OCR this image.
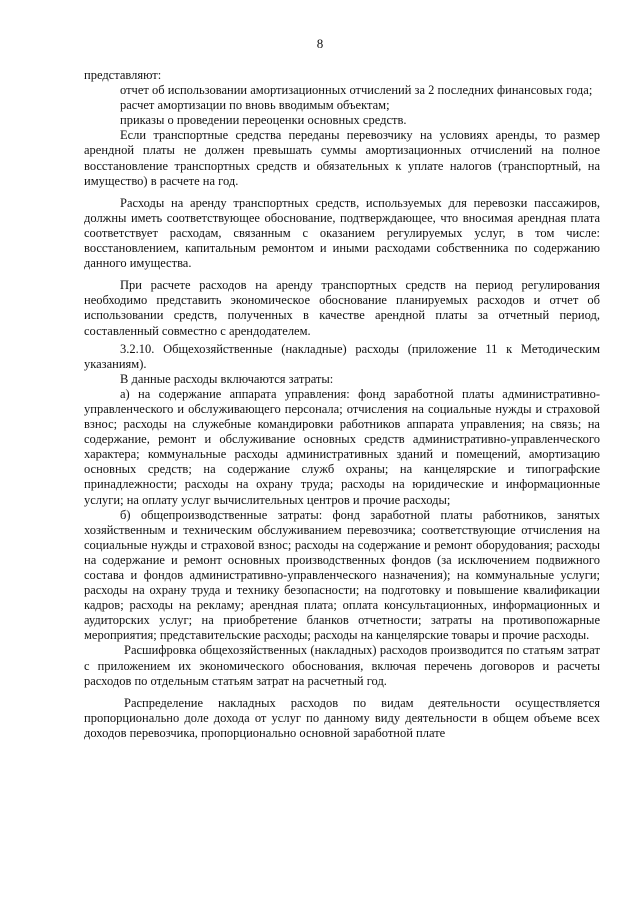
8

представляют:

отчет об использовании амортизационных отчислений за 2 последних финансовых года;

расчет амортизации по вновь вводимым объектам;

приказы о проведении переоценки основных средств.

Если транспортные средства переданы перевозчику на условиях аренды, то размер арендной платы не должен превышать суммы амортизационных отчислений на полное восстановление транспортных средств и обязательных к уплате налогов (транспортный, на имущество) в расчете на год.

Расходы на аренду транспортных средств, используемых для перевозки пассажиров, должны иметь соответствующее обоснование, подтверждающее, что вносимая арендная плата соответствует расходам, связанным с оказанием регулируемых услуг, в том числе: восстановлением, капитальным ремонтом и иными расходами собственника по содержанию данного имущества.

При расчете расходов на аренду транспортных средств на период регулирования необходимо представить экономическое обоснование планируемых расходов и отчет об использовании средств, полученных в качестве арендной платы за отчетный период, составленный совместно с арендодателем.

3.2.10. Общехозяйственные (накладные) расходы (приложение 11 к Методическим указаниям).

В данные расходы включаются затраты:

а) на содержание аппарата управления: фонд заработной платы административно-управленческого и обслуживающего персонала; отчисления на социальные нужды и страховой взнос; расходы на служебные командировки работников аппарата управления; на связь; на содержание, ремонт и обслуживание основных средств административно-управленческого характера; коммунальные расходы административных зданий и помещений, амортизацию основных средств; на содержание служб охраны; на канцелярские и типографские принадлежности; расходы на охрану труда; расходы на юридические и информационные услуги; на оплату услуг вычислительных центров и прочие расходы;

б) общепроизводственные затраты: фонд заработной платы работников, занятых хозяйственным и техническим обслуживанием перевозчика; соответствующие отчисления на социальные нужды и страховой взнос; расходы на содержание и ремонт оборудования; расходы на содержание и ремонт основных производственных фондов (за исключением подвижного состава и фондов административно-управленческого назначения); на коммунальные услуги; расходы на охрану труда и технику безопасности; на подготовку и повышение квалификации кадров; расходы на рекламу; арендная плата; оплата консультационных, информационных и аудиторских услуг; на приобретение бланков отчетности; затраты на противопожарные мероприятия; представительские расходы; расходы на канцелярские товары и прочие расходы.

Расшифровка общехозяйственных (накладных) расходов производится по статьям затрат с приложением их экономического обоснования, включая перечень договоров и расчеты расходов по отдельным статьям затрат на расчетный год.

Распределение накладных расходов по видам деятельности осуществляется пропорционально доле дохода от услуг по данному виду деятельности в общем объеме всех доходов перевозчика, пропорционально основной заработной плате
